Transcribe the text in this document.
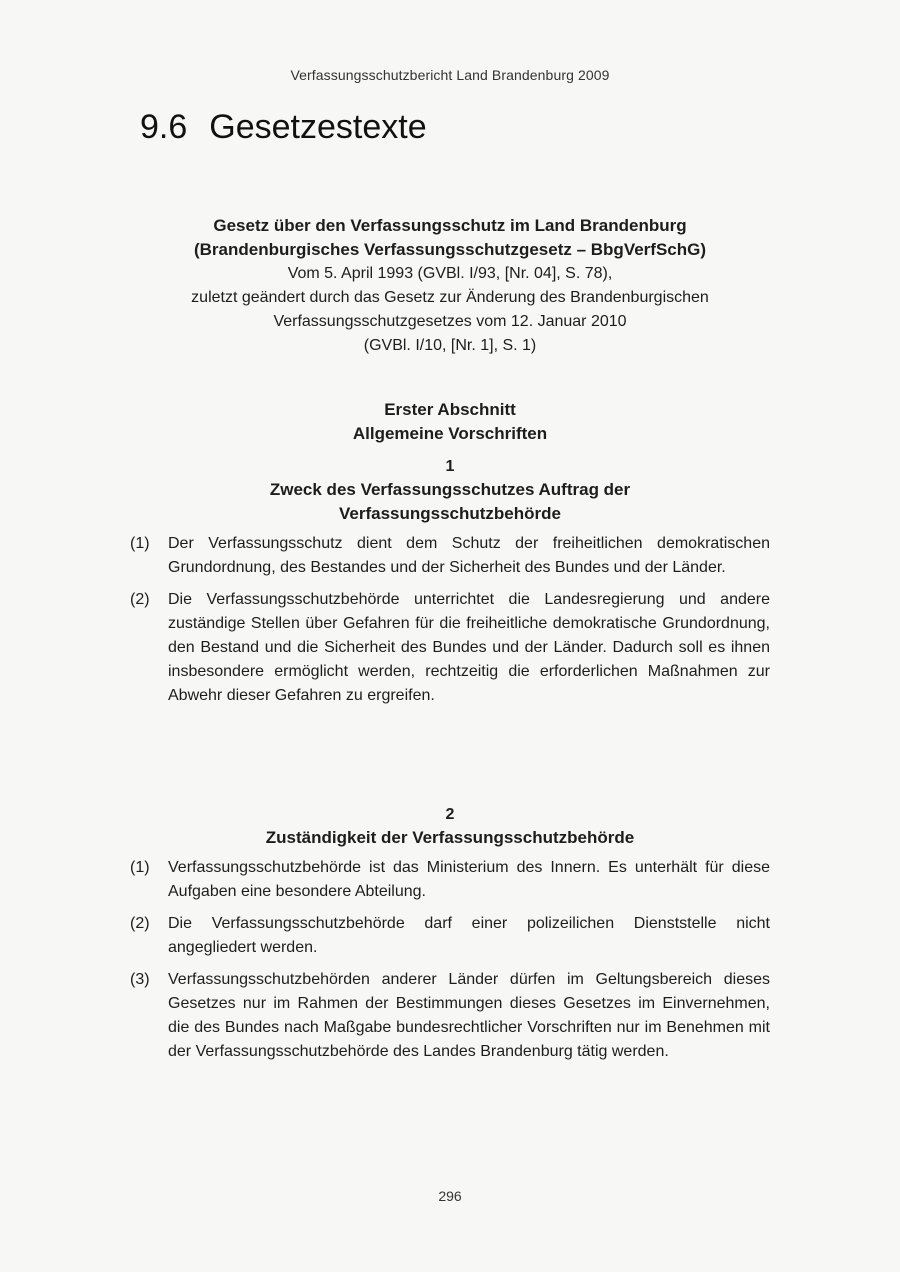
Verfassungsschutzbericht Land Brandenburg 2009
9.6 Gesetzestexte

Gesetz über den Verfassungsschutz im Land Brandenburg

(Brandenburgisches Verfassungsschutzgesetz – BbgVerfSchG)

Vom 5. April 1993 (GVBl. I/93, [Nr. 04], S. 78),

zuletzt geändert durch das Gesetz zur Änderung des Brandenburgischen

Verfassungsschutzgesetzes vom 12. Januar 2010

(GVBl. I/10, [Nr. 1], S. 1)

Erster Abschnitt
Allgemeine Vorschriften

1

Zweck des Verfassungsschutzes Auftrag der

Verfassungsschutzbehörde

(1)	Der Verfassungsschutz dient dem Schutz der freiheitlichen demokratischen Grundordnung, des Bestandes und der Sicherheit des Bundes und der Länder.
(2)	Die Verfassungsschutzbehörde unterrichtet die Landesregierung und andere zuständige Stellen über Gefahren für die freiheitliche demokratische Grundordnung, den Bestand und die Sicherheit des Bundes und der Länder. Dadurch soll es ihnen insbesondere ermöglicht werden, rechtzeitig die erforderlichen Maßnahmen zur Abwehr dieser Gefahren zu ergreifen.

2

Zuständigkeit der Verfassungsschutzbehörde

(1)	Verfassungsschutzbehörde ist das Ministerium des Innern. Es unterhält für diese Aufgaben eine besondere Abteilung.
(2)	Die Verfassungsschutzbehörde darf einer polizeilichen Dienststelle nicht angegliedert werden.
(3)	Verfassungsschutzbehörden anderer Länder dürfen im Geltungsbereich dieses Gesetzes nur im Rahmen der Bestimmungen dieses Gesetzes im Einvernehmen, die des Bundes nach Maßgabe bundesrechtlicher Vorschriften nur im Benehmen mit der Verfassungsschutzbehörde des Landes Brandenburg tätig werden.
296
